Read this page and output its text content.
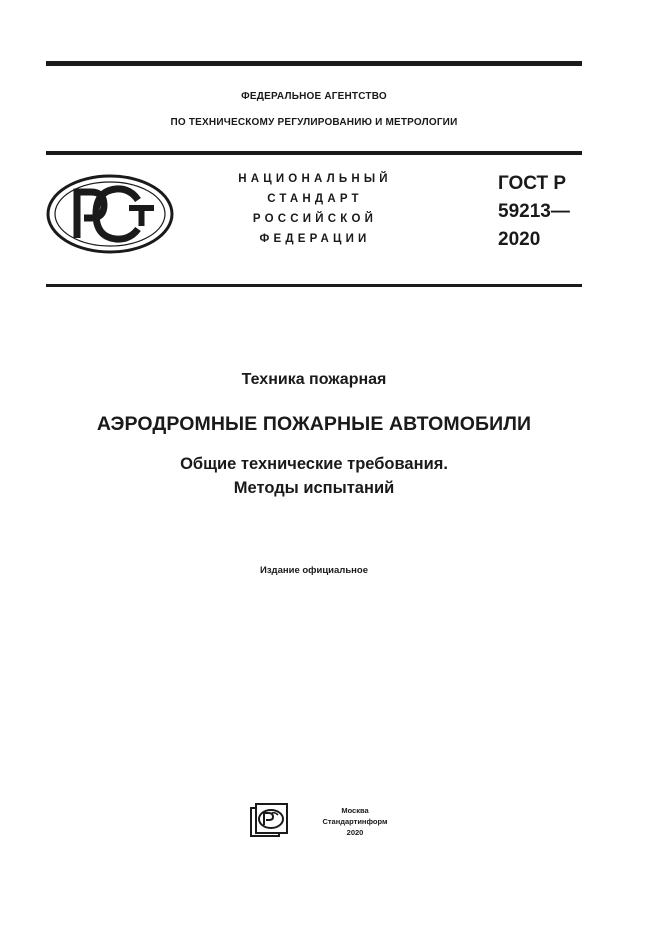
ФЕДЕРАЛЬНОЕ АГЕНТСТВО
ПО ТЕХНИЧЕСКОМУ РЕГУЛИРОВАНИЮ И МЕТРОЛОГИИ
НАЦИОНАЛЬНЫЙ
СТАНДАРТ
РОССИЙСКОЙ
ФЕДЕРАЦИИ
ГОСТ Р
59213—
2020
Техника пожарная
АЭРОДРОМНЫЕ ПОЖАРНЫЕ АВТОМОБИЛИ
Общие технические требования.
Методы испытаний
Издание официальное
Москва
Стандартинформ
2020
